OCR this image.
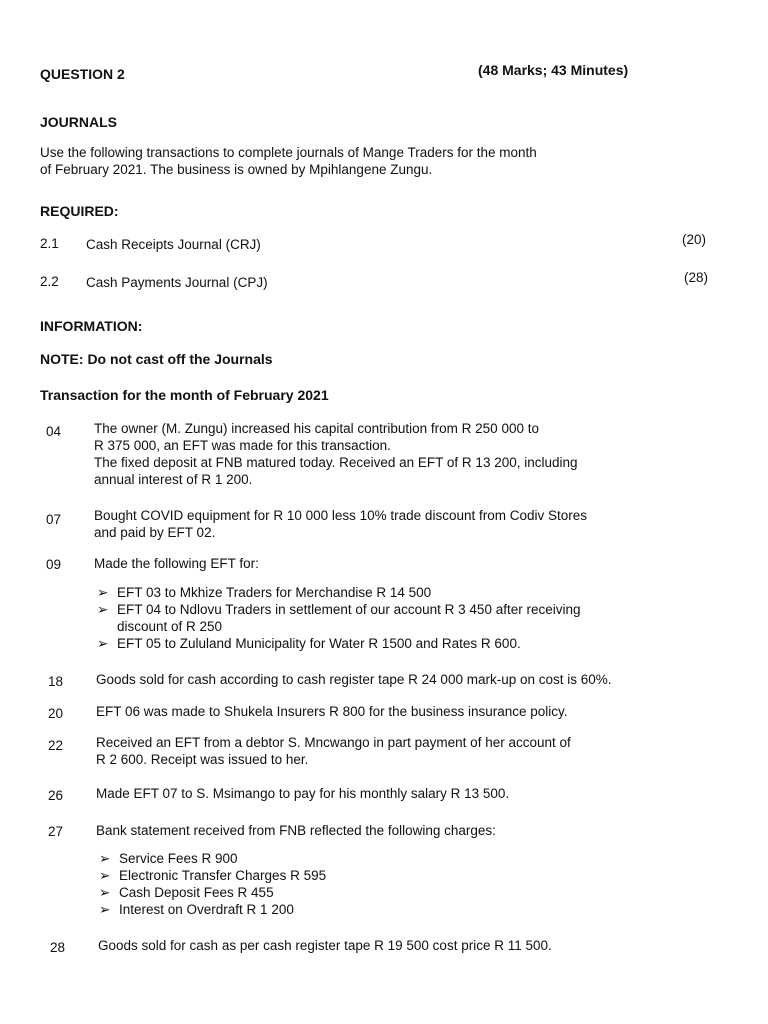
QUESTION 2	(48 Marks; 43 Minutes)
JOURNALS
Use the following transactions to complete journals of Mange Traders for the month
of February 2021. The business is owned by Mpihlangene Zungu.
REQUIRED:
2.1 Cash Receipts Journal (CRJ)	(20)
2.2 Cash Payments Journal (CPJ)	(28)
INFORMATION:
NOTE: Do not cast off the Journals
Transaction for the month of February 2021
04 The owner (M. Zungu) increased his capital contribution from R 250 000 to
R 375 000, an EFT was made for this transaction.
The fixed deposit at FNB matured today. Received an EFT of R 13 200, including
annual interest of R 1 200.
07 Bought COVID equipment for R 10 000 less 10% trade discount from Codiv Stores
and paid by EFT 02.
09 Made the following EFT for:
➢ EFT 03 to Mkhize Traders for Merchandise R 14 500
➢ EFT 04 to Ndlovu Traders in settlement of our account R 3 450 after receiving
discount of R 250
➢ EFT 05 to Zululand Municipality for Water R 1500 and Rates R 600.
18 Goods sold for cash according to cash register tape R 24 000 mark-up on cost is 60%.
20 EFT 06 was made to Shukela Insurers R 800 for the business insurance policy.
22 Received an EFT from a debtor S. Mncwango in part payment of her account of
R 2 600. Receipt was issued to her.
26 Made EFT 07 to S. Msimango to pay for his monthly salary R 13 500.
27 Bank statement received from FNB reflected the following charges:
➢ Service Fees R 900
➢ Electronic Transfer Charges R 595
➢ Cash Deposit Fees R 455
➢ Interest on Overdraft R 1 200
28 Goods sold for cash as per cash register tape R 19 500 cost price R 11 500.
